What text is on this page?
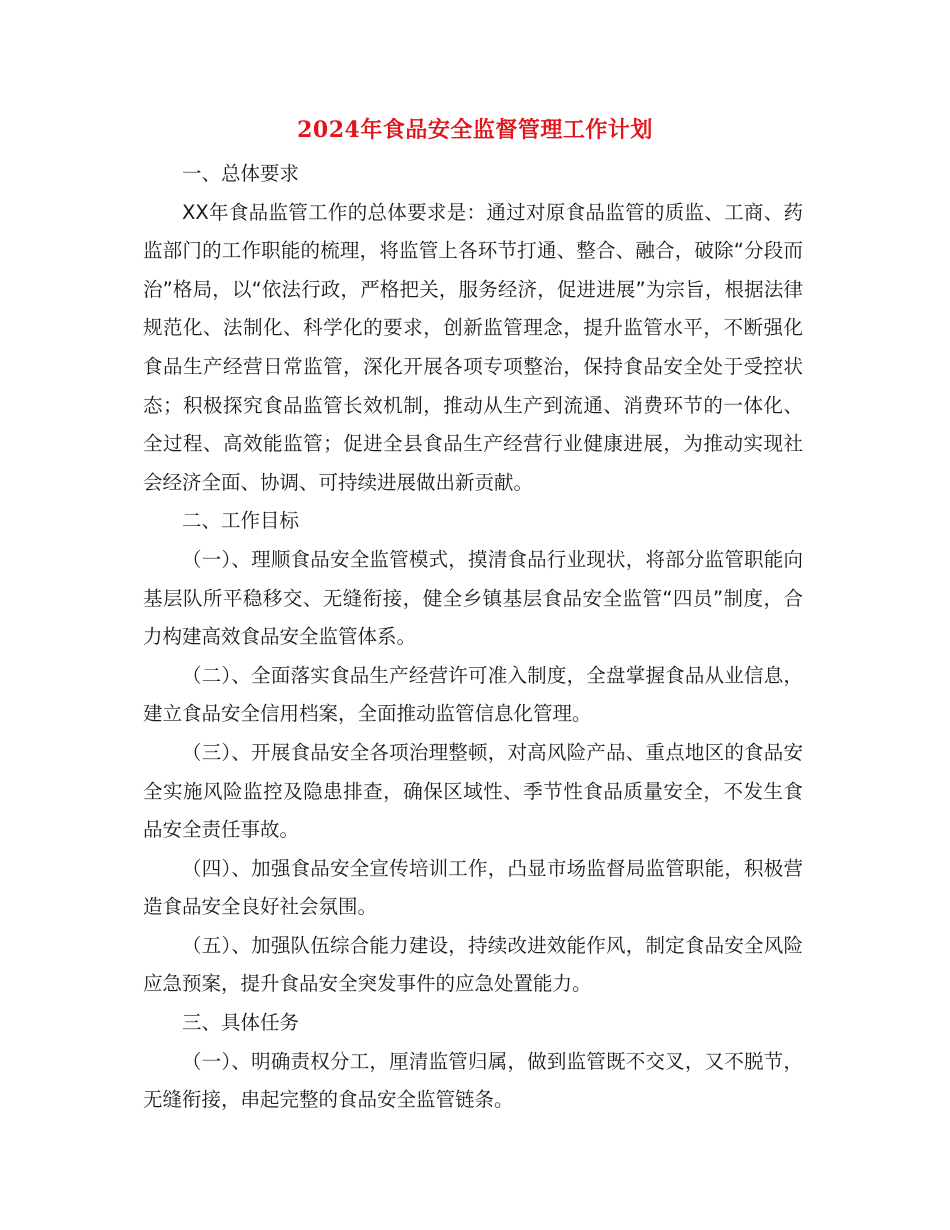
2024年食品安全监督管理工作计划

一、总体要求

XX年食品监管工作的总体要求是：通过对原食品监管的质监、工商、药监部门的工作职能的梳理，将监管上各环节打通、整合、融合，破除“分段而治”格局，以“依法行政，严格把关，服务经济，促进进展”为宗旨，根据法律规范化、法制化、科学化的要求，创新监管理念，提升监管水平，不断强化食品生产经营日常监管，深化开展各项专项整治，保持食品安全处于受控状态；积极探究食品监管长效机制，推动从生产到流通、消费环节的一体化、全过程、高效能监管；促进全县食品生产经营行业健康进展，为推动实现社会经济全面、协调、可持续进展做出新贡献。

二、工作目标

（一）、理顺食品安全监管模式，摸清食品行业现状，将部分监管职能向基层队所平稳移交、无缝衔接，健全乡镇基层食品安全监管“四员”制度，合力构建高效食品安全监管体系。

（二）、全面落实食品生产经营许可准入制度，全盘掌握食品从业信息，建立食品安全信用档案，全面推动监管信息化管理。

（三）、开展食品安全各项治理整顿，对高风险产品、重点地区的食品安全实施风险监控及隐患排查，确保区域性、季节性食品质量安全，不发生食品安全责任事故。

（四）、加强食品安全宣传培训工作，凸显市场监督局监管职能，积极营造食品安全良好社会氛围。

（五）、加强队伍综合能力建设，持续改进效能作风，制定食品安全风险应急预案，提升食品安全突发事件的应急处置能力。

三、具体任务

（一）、明确责权分工，厘清监管归属，做到监管既不交叉，又不脱节，无缝衔接，串起完整的食品安全监管链条。
